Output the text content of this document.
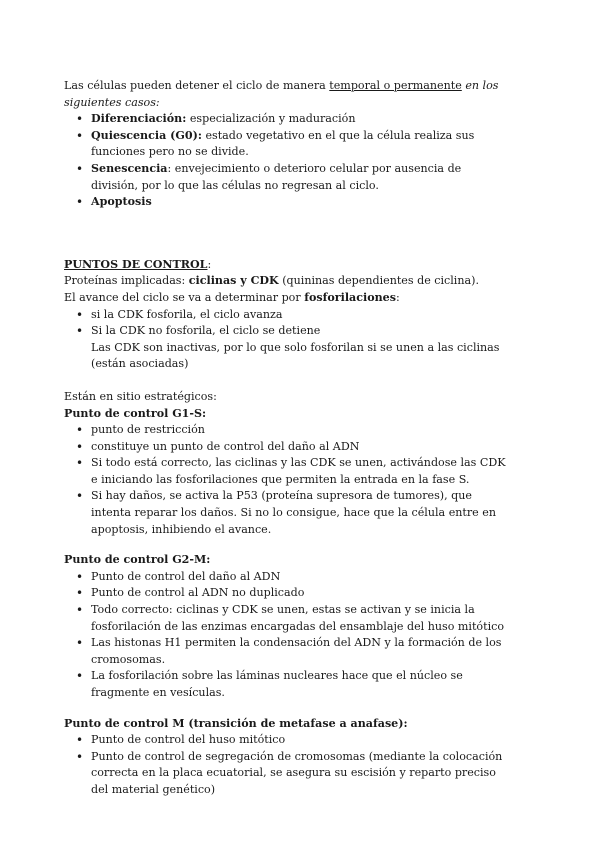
Las células pueden detener el ciclo de manera temporal o permanente en los siguientes casos:

• Diferenciación: especialización y maduración
• Quiescencia (G0): estado vegetativo en el que la célula realiza sus funciones pero no se divide.
• Senescencia: envejecimiento o deterioro celular por ausencia de división, por lo que las células no regresan al ciclo.
• Apoptosis

PUNTOS DE CONTROL:

Proteínas implicadas: ciclinas y CDK (quininas dependientes de ciclina).

El avance del ciclo se va a determinar por fosforilaciones:

• si la CDK fosforila, el ciclo avanza
• Si la CDK no fosforila, el ciclo se detiene
Las CDK son inactivas, por lo que solo fosforilan si se unen a las ciclinas (están asociadas)

Están en sitio estratégicos:

Punto de control G1-S:

• punto de restricción
• constituye un punto de control del daño al ADN
• Si todo está correcto, las ciclinas y las CDK se unen, activándose las CDK e iniciando las fosforilaciones que permiten la entrada en la fase S.
• Si hay daños, se activa la P53 (proteína supresora de tumores), que intenta reparar los daños. Si no lo consigue, hace que la célula entre en apoptosis, inhibiendo el avance.

Punto de control G2-M:

• Punto de control del daño al ADN
• Punto de control al ADN no duplicado
• Todo correcto: ciclinas y CDK se unen, estas se activan y se inicia la fosforilación de las enzimas encargadas del ensamblaje del huso mitótico
• Las histonas H1 permiten la condensación del ADN y la formación de los cromosomas.
• La fosforilación sobre las láminas nucleares hace que el núcleo se fragmente en vesículas.

Punto de control M (transición de metafase a anafase):

• Punto de control del huso mitótico
• Punto de control de segregación de cromosomas (mediante la colocación correcta en la placa ecuatorial, se asegura su escisión y reparto preciso del material genético)
